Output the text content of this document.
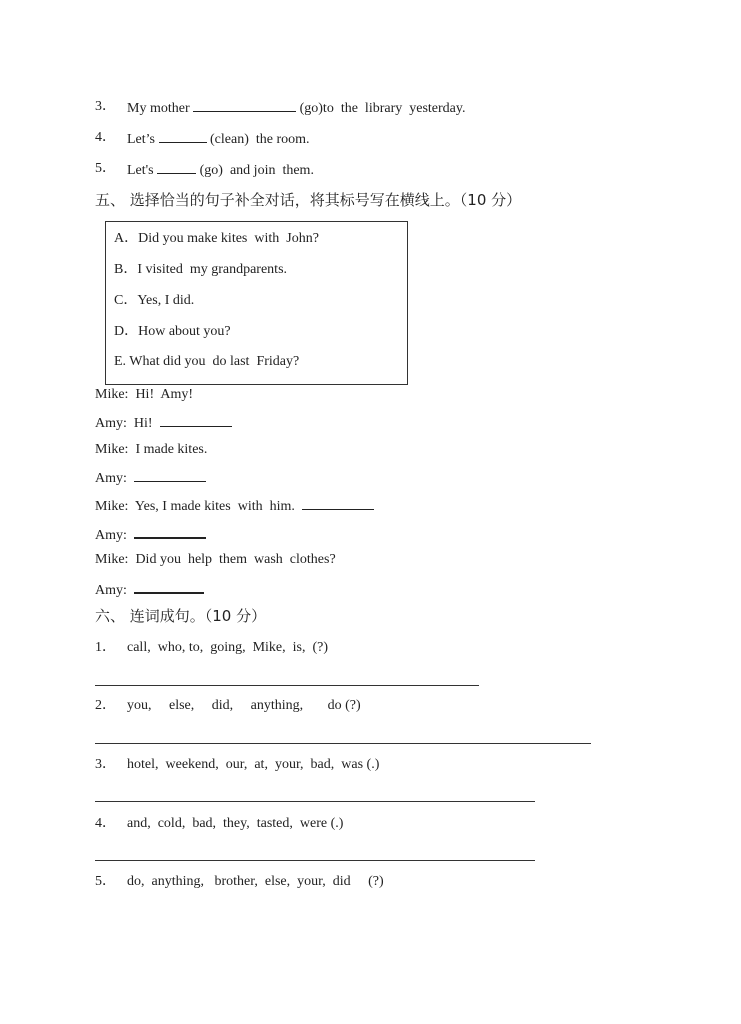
3． My mother	(go)to  the  library  yesterday.
4． Let’s	(clean)  the room.
5． Let's	(go)  and join  them.
五、 选择恰当的句子补全对话，将其标号写在横线上。（10 分）
A．Did you make kites  with  John?
B．I visited  my grandparents.
C．Yes, I did.
D．How about you?
E. What did you  do last  Friday?
Mike:  Hi!  Amy!
Amy:  Hi!
Mike:  I made kites.
Amy:
Mike:  Yes, I made kites  with  him.
Amy:
Mike:  Did you  help  them  wash  clothes?
Amy:
六、 连词成句。（10 分）
1． call,  who, to,  going,  Mike,  is,  (?)
2． you,     else,     did,     anything,       do (?)
3． hotel,  weekend,  our,  at,  your,  bad,  was (.)
4． and,  cold,  bad,  they,  tasted,  were (.)
5． do,  anything,   brother,  else,  your,  did     (?)
